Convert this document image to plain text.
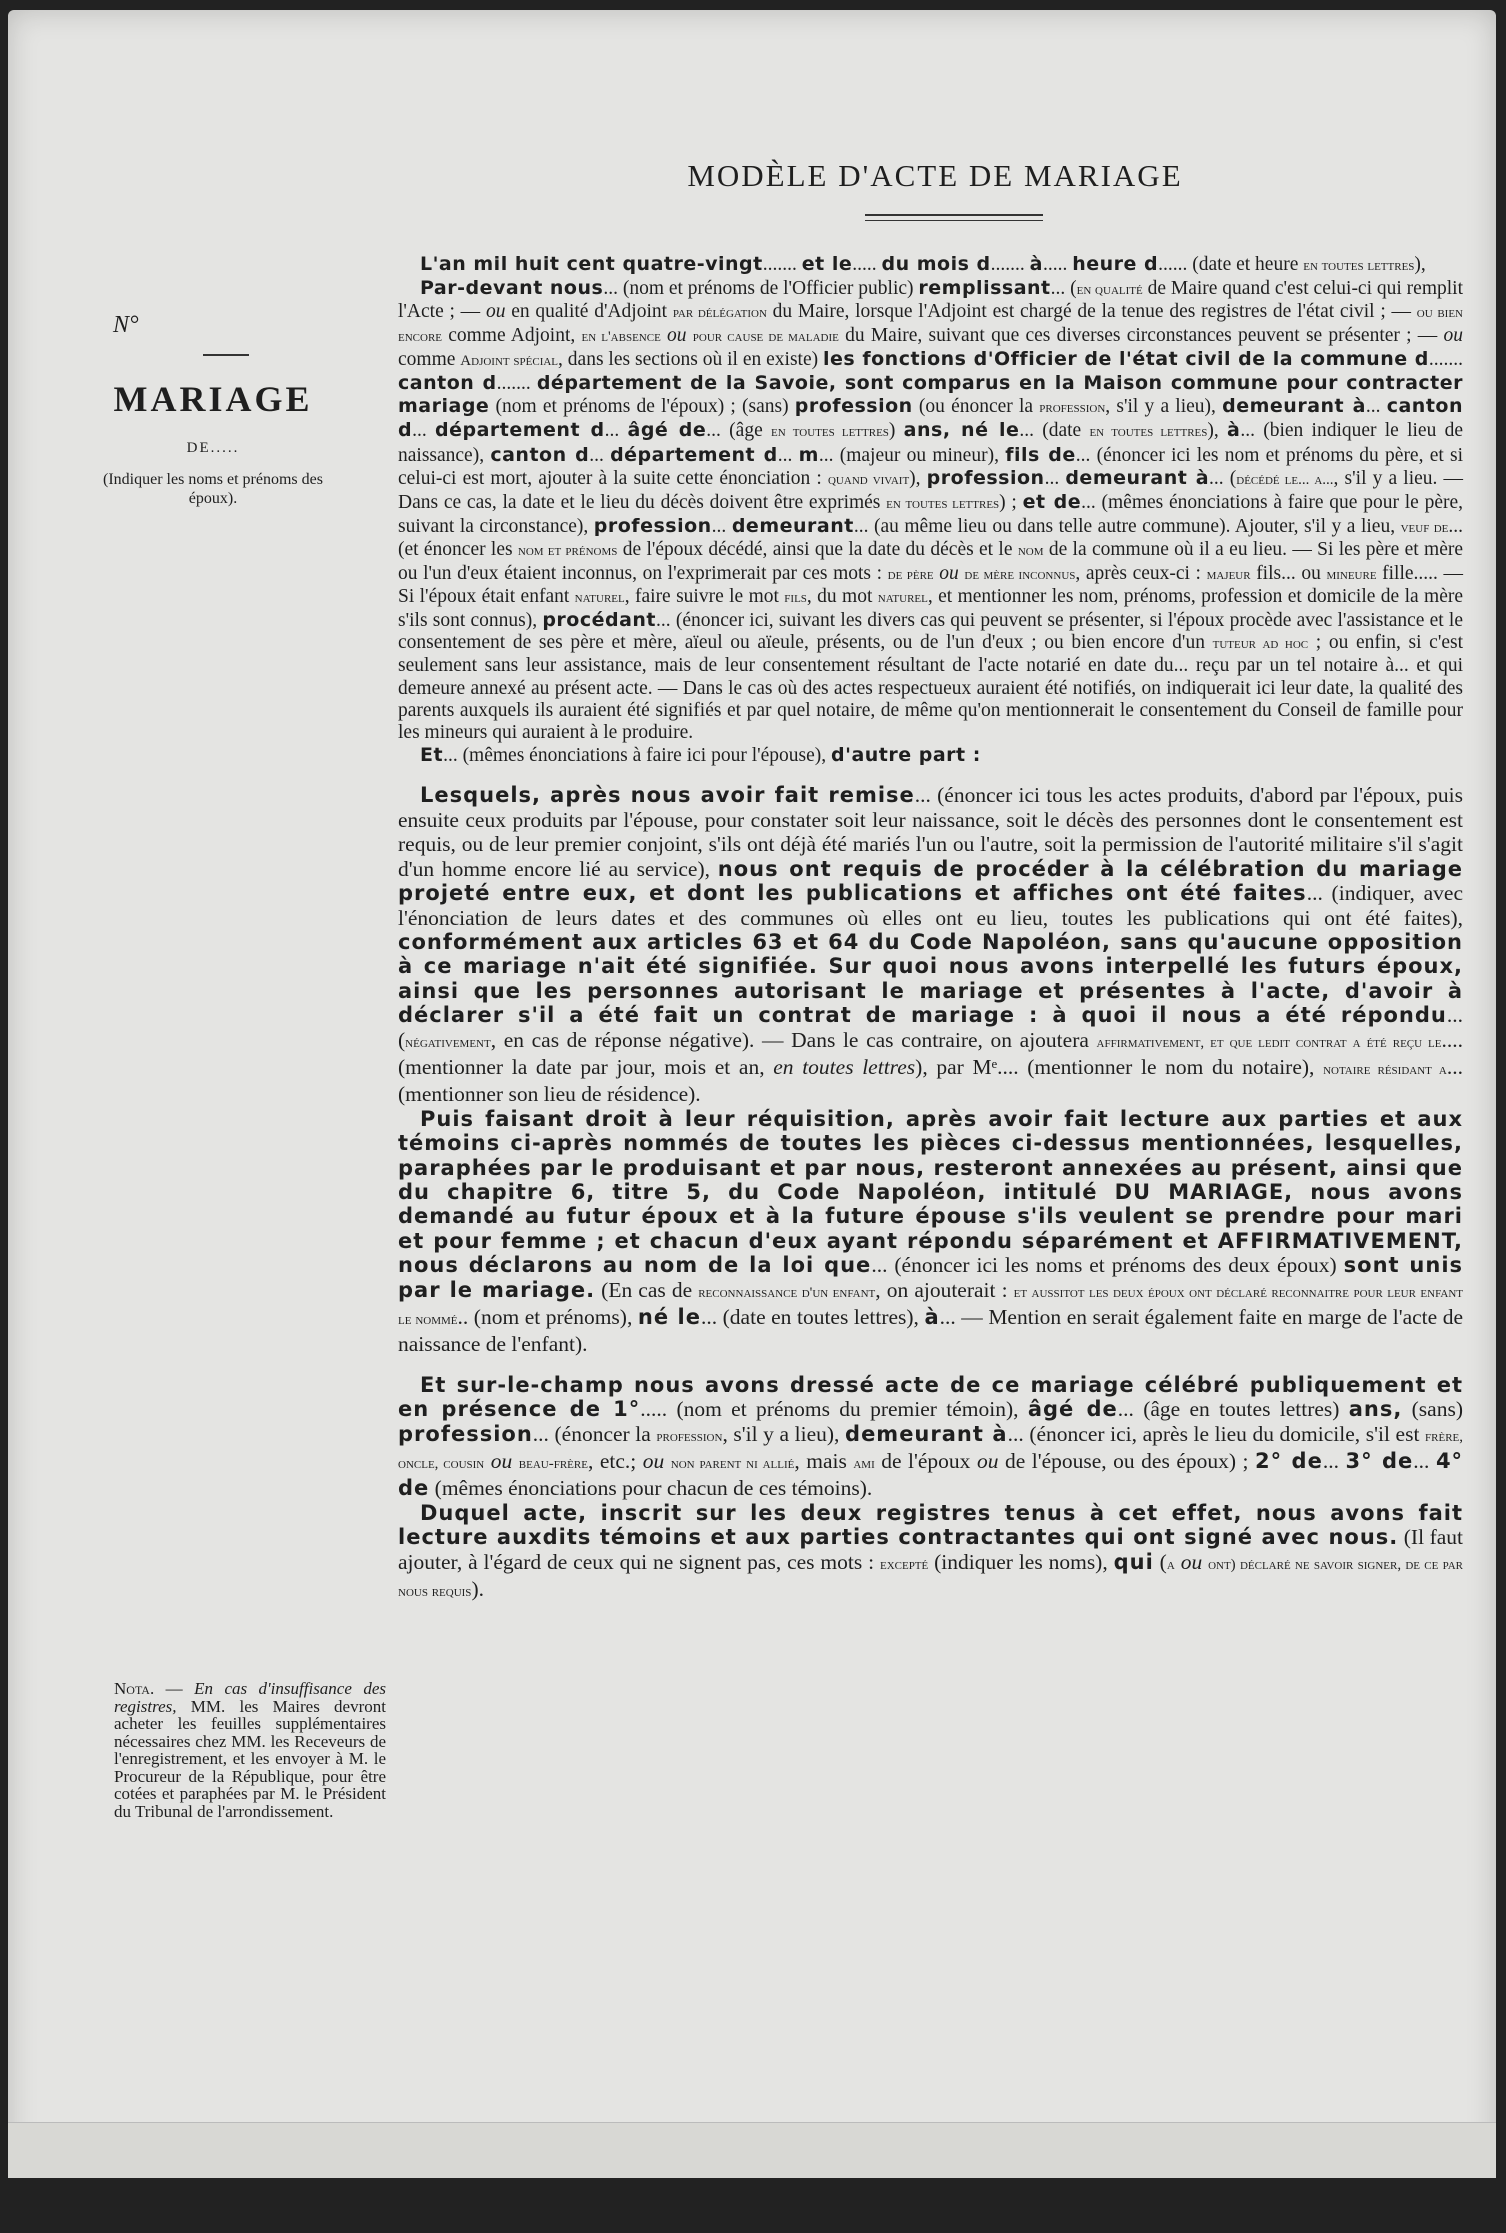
MODÈLE D'ACTE DE MARIAGE
N°
MARIAGE
DE.....
(Indiquer les noms et prénoms des époux).
Nota. — En cas d'insuffisance des registres, MM. les Maires devront acheter les feuilles supplémentaires nécessaires chez MM. les Receveurs de l'enregistrement, et les envoyer à M. le Procureur de la République, pour être cotées et paraphées par M. le Président du Tribunal de l'arrondissement.

L'an mil huit cent quatre-vingt....... et le..... du mois d....... à..... heure d...... (date et heure en toutes lettres),

Par-devant nous... (nom et prénoms de l'Officier public) remplissant... (en qualité de Maire quand c'est celui-ci qui remplit l'Acte ; — ou en qualité d'Adjoint par délégation du Maire, lorsque l'Adjoint est chargé de la tenue des registres de l'état civil ; — ou bien encore comme Adjoint, en l'absence ou pour cause de maladie du Maire, suivant que ces diverses circonstances peuvent se présenter ; — ou comme Adjoint spécial, dans les sections où il en existe) les fonctions d'Officier de l'état civil de la commune d....... canton d....... département de la Savoie, sont comparus en la Maison commune pour contracter mariage (nom et prénoms de l'époux) ; (sans) profession (ou énoncer la profession, s'il y a lieu), demeurant à... canton d... département d... âgé de... (âge en toutes lettres) ans, né le... (date en toutes lettres), à... (bien indiquer le lieu de naissance), canton d... département d... m... (majeur ou mineur), fils de... (énoncer ici les nom et prénoms du père, et si celui-ci est mort, ajouter à la suite cette énonciation : quand vivait), profession... demeurant à... (décédé le... a..., s'il y a lieu. — Dans ce cas, la date et le lieu du décès doivent être exprimés en toutes lettres) ; et de... (mêmes énonciations à faire que pour le père, suivant la circonstance), profession... demeurant... (au même lieu ou dans telle autre commune). Ajouter, s'il y a lieu, veuf de... (et énoncer les nom et prénoms de l'époux décédé, ainsi que la date du décès et le nom de la commune où il a eu lieu. — Si les père et mère ou l'un d'eux étaient inconnus, on l'exprimerait par ces mots : de père ou de mère inconnus, après ceux-ci : majeur fils... ou mineure fille..... — Si l'époux était enfant naturel, faire suivre le mot fils, du mot naturel, et mentionner les nom, prénoms, profession et domicile de la mère s'ils sont connus), procédant... (énoncer ici, suivant les divers cas qui peuvent se présenter, si l'époux procède avec l'assistance et le consentement de ses père et mère, aïeul ou aïeule, présents, ou de l'un d'eux ; ou bien encore d'un tuteur ad hoc ; ou enfin, si c'est seulement sans leur assistance, mais de leur consentement résultant de l'acte notarié en date du... reçu par un tel notaire à... et qui demeure annexé au présent acte. — Dans le cas où des actes respectueux auraient été notifiés, on indiquerait ici leur date, la qualité des parents auxquels ils auraient été signifiés et par quel notaire, de même qu'on mentionnerait le consentement du Conseil de famille pour les mineurs qui auraient à le produire.

Et... (mêmes énonciations à faire ici pour l'épouse), d'autre part :

Lesquels, après nous avoir fait remise... (énoncer ici tous les actes produits, d'abord par l'époux, puis ensuite ceux produits par l'épouse, pour constater soit leur naissance, soit le décès des personnes dont le consentement est requis, ou de leur premier conjoint, s'ils ont déjà été mariés l'un ou l'autre, soit la permission de l'autorité militaire s'il s'agit d'un homme encore lié au service), nous ont requis de procéder à la célébration du mariage projeté entre eux, et dont les publications et affiches ont été faites... (indiquer, avec l'énonciation de leurs dates et des communes où elles ont eu lieu, toutes les publications qui ont été faites), conformément aux articles 63 et 64 du Code Napoléon, sans qu'aucune opposition à ce mariage n'ait été signifiée. Sur quoi nous avons interpellé les futurs époux, ainsi que les personnes autorisant le mariage et présentes à l'acte, d'avoir à déclarer s'il a été fait un contrat de mariage : à quoi il nous a été répondu... (négativement, en cas de réponse négative). — Dans le cas contraire, on ajoutera affirmativement, et que ledit contrat a été reçu le.... (mentionner la date par jour, mois et an, en toutes lettres), par Mᵉ.... (mentionner le nom du notaire), notaire résidant a... (mentionner son lieu de résidence).

Puis faisant droit à leur réquisition, après avoir fait lecture aux parties et aux témoins ci-après nommés de toutes les pièces ci-dessus mentionnées, lesquelles, paraphées par le produisant et par nous, resteront annexées au présent, ainsi que du chapitre 6, titre 5, du Code Napoléon, intitulé DU MARIAGE, nous avons demandé au futur époux et à la future épouse s'ils veulent se prendre pour mari et pour femme ; et chacun d'eux ayant répondu séparément et AFFIRMATIVEMENT, nous déclarons au nom de la loi que... (énoncer ici les noms et prénoms des deux époux) sont unis par le mariage. (En cas de reconnaissance d'un enfant, on ajouterait : et aussitot les deux époux ont déclaré reconnaitre pour leur enfant le nommé.. (nom et prénoms), né le... (date en toutes lettres), à... — Mention en serait également faite en marge de l'acte de naissance de l'enfant).

Et sur-le-champ nous avons dressé acte de ce mariage célébré publiquement et en présence de 1°..... (nom et prénoms du premier témoin), âgé de... (âge en toutes lettres) ans, (sans) profession... (énoncer la profession, s'il y a lieu), demeurant à... (énoncer ici, après le lieu du domicile, s'il est frère, oncle, cousin ou beau-frère, etc.; ou non parent ni allié, mais ami de l'époux ou de l'épouse, ou des époux) ; 2° de... 3° de... 4° de (mêmes énonciations pour chacun de ces témoins).

Duquel acte, inscrit sur les deux registres tenus à cet effet, nous avons fait lecture auxdits témoins et aux parties contractantes qui ont signé avec nous. (Il faut ajouter, à l'égard de ceux qui ne signent pas, ces mots : excepté (indiquer les noms), qui (a ou ont) déclaré ne savoir signer, de ce par nous requis).
